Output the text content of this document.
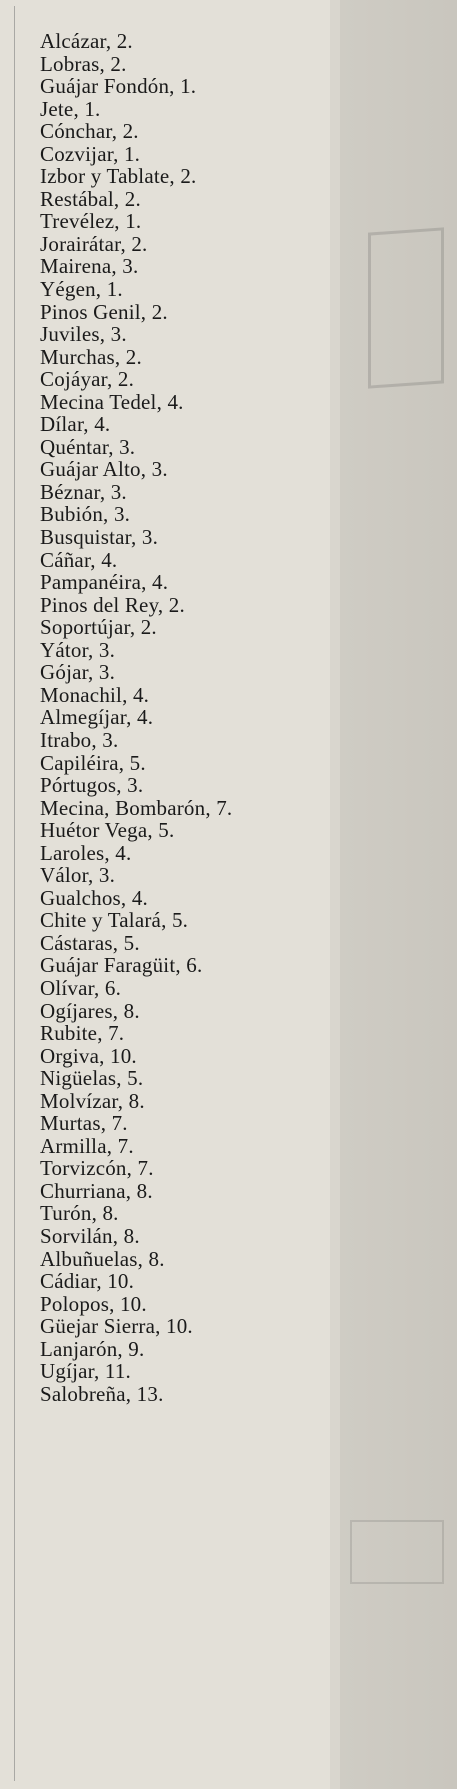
Alcázar, 2.
Lobras, 2.
Guájar Fondón, 1.
Jete, 1.
Cónchar, 2.
Cozvijar, 1.
Izbor y Tablate, 2.
Restábal, 2.
Trevélez, 1.
Jorairátar, 2.
Mairena, 3.
Yégen, 1.
Pinos Genil, 2.
Juviles, 3.
Murchas, 2.
Cojáyar, 2.
Mecina Tedel, 4.
Dílar, 4.
Quéntar, 3.
Guájar Alto, 3.
Béznar, 3.
Bubión, 3.
Busquistar, 3.
Cáñar, 4.
Pampanéira, 4.
Pinos del Rey, 2.
Soportújar, 2.
Yátor, 3.
Gójar, 3.
Monachil, 4.
Almegíjar, 4.
Itrabo, 3.
Capiléira, 5.
Pórtugos, 3.
Mecina, Bombarón, 7.
Huétor Vega, 5.
Laroles, 4.
Válor, 3.
Gualchos, 4.
Chite y Talará, 5.
Cástaras, 5.
Guájar Faragüit, 6.
Olívar, 6.
Ogíjares, 8.
Rubite, 7.
Orgiva, 10.
Nigüelas, 5.
Molvízar, 8.
Murtas, 7.
Armilla, 7.
Torvizcón, 7.
Churriana, 8.
Turón, 8.
Sorvilán, 8.
Albuñuelas, 8.
Cádiar, 10.
Polopos, 10.
Güejar Sierra, 10.
Lanjarón, 9.
Ugíjar, 11.
Salobreña, 13.
